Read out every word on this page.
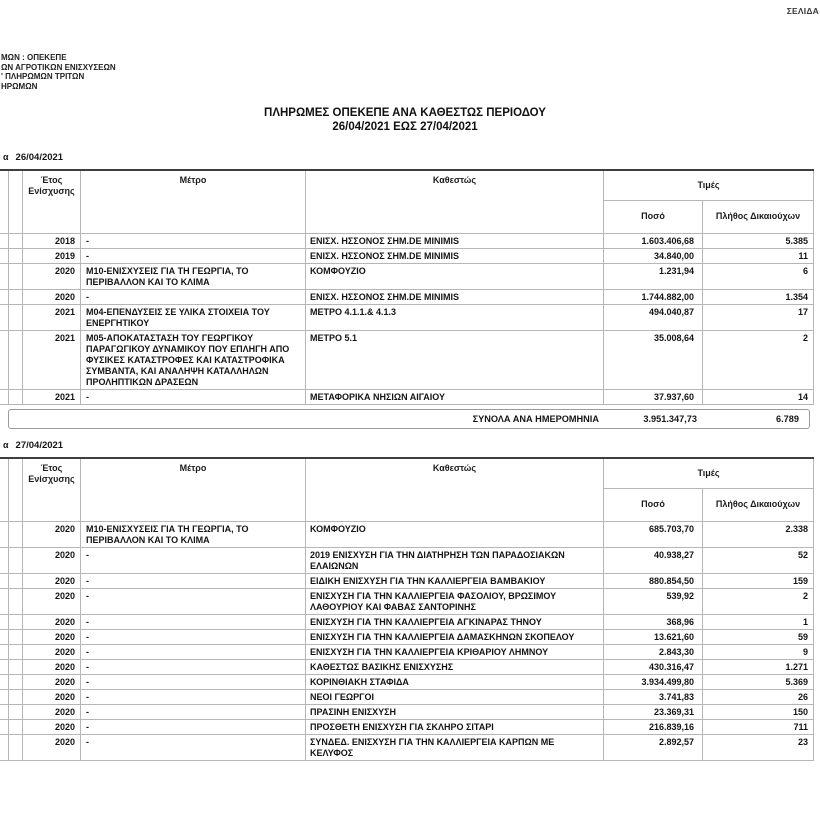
ΣΕΛΙΔΑ
ΜΩΝ : ΟΠΕΚΕΠΕ
ΩΝ ΑΓΡΟΤΙΚΩΝ ΕΝΙΣΧΥΣΕΩΝ
' ΠΛΗΡΩΜΩΝ ΤΡΙΤΩΝ
ΗΡΩΜΩΝ
ΠΛΗΡΩΜΕΣ ΟΠΕΚΕΠΕ ΑΝΑ ΚΑΘΕΣΤΩΣ ΠΕΡΙΟΔΟΥ
26/04/2021 ΕΩΣ 27/04/2021
α 26/04/2021
		Έτος Ενίσχυσης	Μέτρο	Καθεστώς	Τιμές	
					Ποσό	Πλήθος Δικαιούχων
		2018	-	ΕΝΙΣΧ. ΗΣΣΟΝΟΣ ΣΗΜ.DE MINIMIS	1.603.406,68	5.385
		2019	-	ΕΝΙΣΧ. ΗΣΣΟΝΟΣ ΣΗΜ.DE MINIMIS	34.840,00	11
		2020	Μ10-ΕΝΙΣΧΥΣΕΙΣ ΓΙΑ ΤΗ ΓΕΩΡΓΙΑ, ΤΟ ΠΕΡΙΒΑΛΛΟΝ ΚΑΙ ΤΟ ΚΛΙΜΑ	ΚΟΜΦΟΥΖΙΟ	1.231,94	6
		2020	-	ΕΝΙΣΧ. ΗΣΣΟΝΟΣ ΣΗΜ.DE MINIMIS	1.744.882,00	1.354
		2021	Μ04-ΕΠΕΝΔΥΣΕΙΣ ΣΕ ΥΛΙΚΑ ΣΤΟΙΧΕΙΑ ΤΟΥ ΕΝΕΡΓΗΤΙΚΟΥ	ΜΕΤΡΟ 4.1.1.& 4.1.3	494.040,87	17
		2021	Μ05-ΑΠΟΚΑΤΑΣΤΑΣΗ ΤΟΥ ΓΕΩΡΓΙΚΟΥ ΠΑΡΑΓΩΓΙΚΟΥ ΔΥΝΑΜΙΚΟΥ ΠΟΥ ΕΠΛΗΓΗ ΑΠΟ ΦΥΣΙΚΕΣ ΚΑΤΑΣΤΡΟΦΕΣ ΚΑΙ ΚΑΤΑΣΤΡΟΦΙΚΑ ΣΥΜΒΑΝΤΑ, ΚΑΙ ΑΝΑΛΗΨΗ ΚΑΤΑΛΛΗΛΩΝ ΠΡΟΛΗΠΤΙΚΩΝ ΔΡΑΣΕΩΝ	ΜΕΤΡΟ 5.1	35.008,64	2
		2021	-	ΜΕΤΑΦΟΡΙΚΑ ΝΗΣΙΩΝ ΑΙΓΑΙΟΥ	37.937,60	14
ΣΥΝΟΛΑ ΑΝΑ ΗΜΕΡΟΜΗΝΙΑ	3.951.347,73	6.789
α 27/04/2021
		Έτος Ενίσχυσης	Μέτρο	Καθεστώς	Τιμές	
					Ποσό	Πλήθος Δικαιούχων
		2020	Μ10-ΕΝΙΣΧΥΣΕΙΣ ΓΙΑ ΤΗ ΓΕΩΡΓΙΑ, ΤΟ ΠΕΡΙΒΑΛΛΟΝ ΚΑΙ ΤΟ ΚΛΙΜΑ	ΚΟΜΦΟΥΖΙΟ	685.703,70	2.338
		2020	-	2019 ΕΝΙΣΧΥΣΗ ΓΙΑ ΤΗΝ ΔΙΑΤΗΡΗΣΗ ΤΩΝ ΠΑΡΑΔΟΣΙΑΚΩΝ ΕΛΑΙΩΝΩΝ	40.938,27	52
		2020	-	ΕΙΔΙΚΗ ΕΝΙΣΧΥΣΗ ΓΙΑ ΤΗΝ ΚΑΛΛΙΕΡΓΕΙΑ ΒΑΜΒΑΚΙΟΥ	880.854,50	159
		2020	-	ΕΝΙΣΧΥΣΗ ΓΙΑ ΤΗΝ ΚΑΛΛΙΕΡΓΕΙΑ ΦΑΣΟΛΙΟΥ, ΒΡΩΣΙΜΟΥ ΛΑΘΟΥΡΙΟΥ ΚΑΙ ΦΑΒΑΣ ΣΑΝΤΟΡΙΝΗΣ	539,92	2
		2020	-	ΕΝΙΣΧΥΣΗ ΓΙΑ ΤΗΝ ΚΑΛΛΙΕΡΓΕΙΑ ΑΓΚΙΝΑΡΑΣ ΤΗΝΟΥ	368,96	1
		2020	-	ΕΝΙΣΧΥΣΗ ΓΙΑ ΤΗΝ ΚΑΛΛΙΕΡΓΕΙΑ ΔΑΜΑΣΚΗΝΩΝ ΣΚΟΠΕΛΟΥ	13.621,60	59
		2020	-	ΕΝΙΣΧΥΣΗ ΓΙΑ ΤΗΝ ΚΑΛΛΙΕΡΓΕΙΑ ΚΡΙΘΑΡΙΟΥ ΛΗΜΝΟΥ	2.843,30	9
		2020	-	ΚΑΘΕΣΤΩΣ ΒΑΣΙΚΗΣ ΕΝΙΣΧΥΣΗΣ	430.316,47	1.271
		2020	-	ΚΟΡΙΝΘΙΑΚΗ ΣΤΑΦΙΔΑ	3.934.499,80	5.369
		2020	-	ΝΕΟΙ ΓΕΩΡΓΟΙ	3.741,83	26
		2020	-	ΠΡΑΣΙΝΗ ΕΝΙΣΧΥΣΗ	23.369,31	150
		2020	-	ΠΡΟΣΘΕΤΗ ΕΝΙΣΧΥΣΗ ΓΙΑ ΣΚΛΗΡΟ ΣΙΤΑΡΙ	216.839,16	711
		2020	-	ΣΥΝΔΕΔ. ΕΝΙΣΧΥΣΗ ΓΙΑ ΤΗΝ ΚΑΛΛΙΕΡΓΕΙΑ ΚΑΡΠΩΝ ΜΕ ΚΕΛΥΦΟΣ	2.892,57	23
